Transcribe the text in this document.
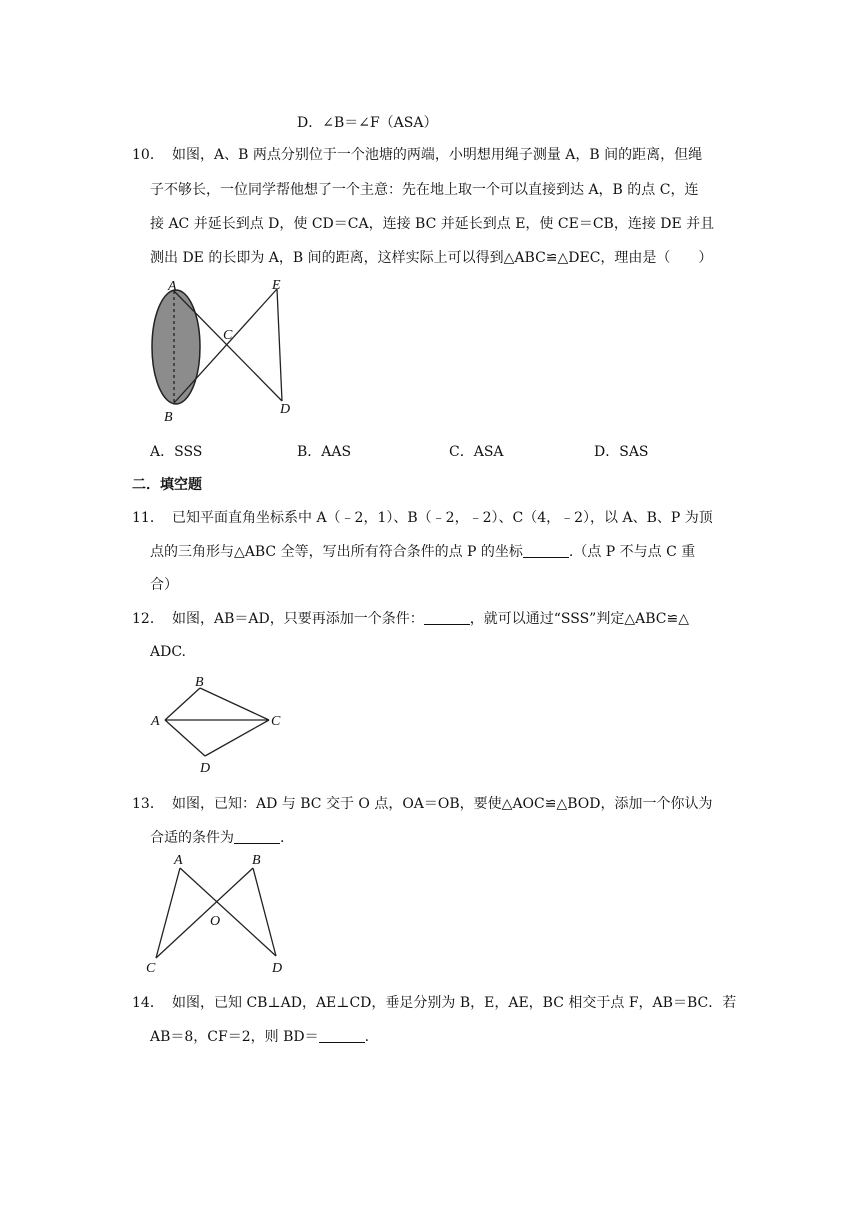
D．∠B＝∠F（ASA）
10． 如图，A、B 两点分别位于一个池塘的两端，小明想用绳子测量 A，B 间的距离，但绳
子不够长，一位同学帮他想了一个主意：先在地上取一个可以直接到达 A，B 的点 C，连
接 AC 并延长到点 D，使 CD＝CA，连接 BC 并延长到点 E，使 CE＝CB，连接 DE 并且
测出 DE 的长即为 A，B 间的距离，这样实际上可以得到△ABC≌△DEC，理由是（　　）
A
B
C
D
E
A．SSS	B．AAS	C．ASA	D．SAS
二．填空题
11． 已知平面直角坐标系中 A（﹣2，1）、B（﹣2，﹣2）、C（4，﹣2），以 A、B、P 为顶
点的三角形与△ABC 全等，写出所有符合条件的点 P 的坐标	.（点 P 不与点 C 重
合）
12． 如图，AB＝AD，只要再添加一个条件：	，就可以通过“SSS”判定△ABC≌△
ADC.
A
B
C
D
13． 如图，已知：AD 与 BC 交于 O 点，OA＝OB，要使△AOC≌△BOD，添加一个你认为
合适的条件为	.
A	B
C	D
O
14． 如图，已知 CB⊥AD，AE⊥CD，垂足分别为 B，E，AE，BC 相交于点 F，AB＝BC．若
AB＝8，CF＝2，则 BD＝	.
